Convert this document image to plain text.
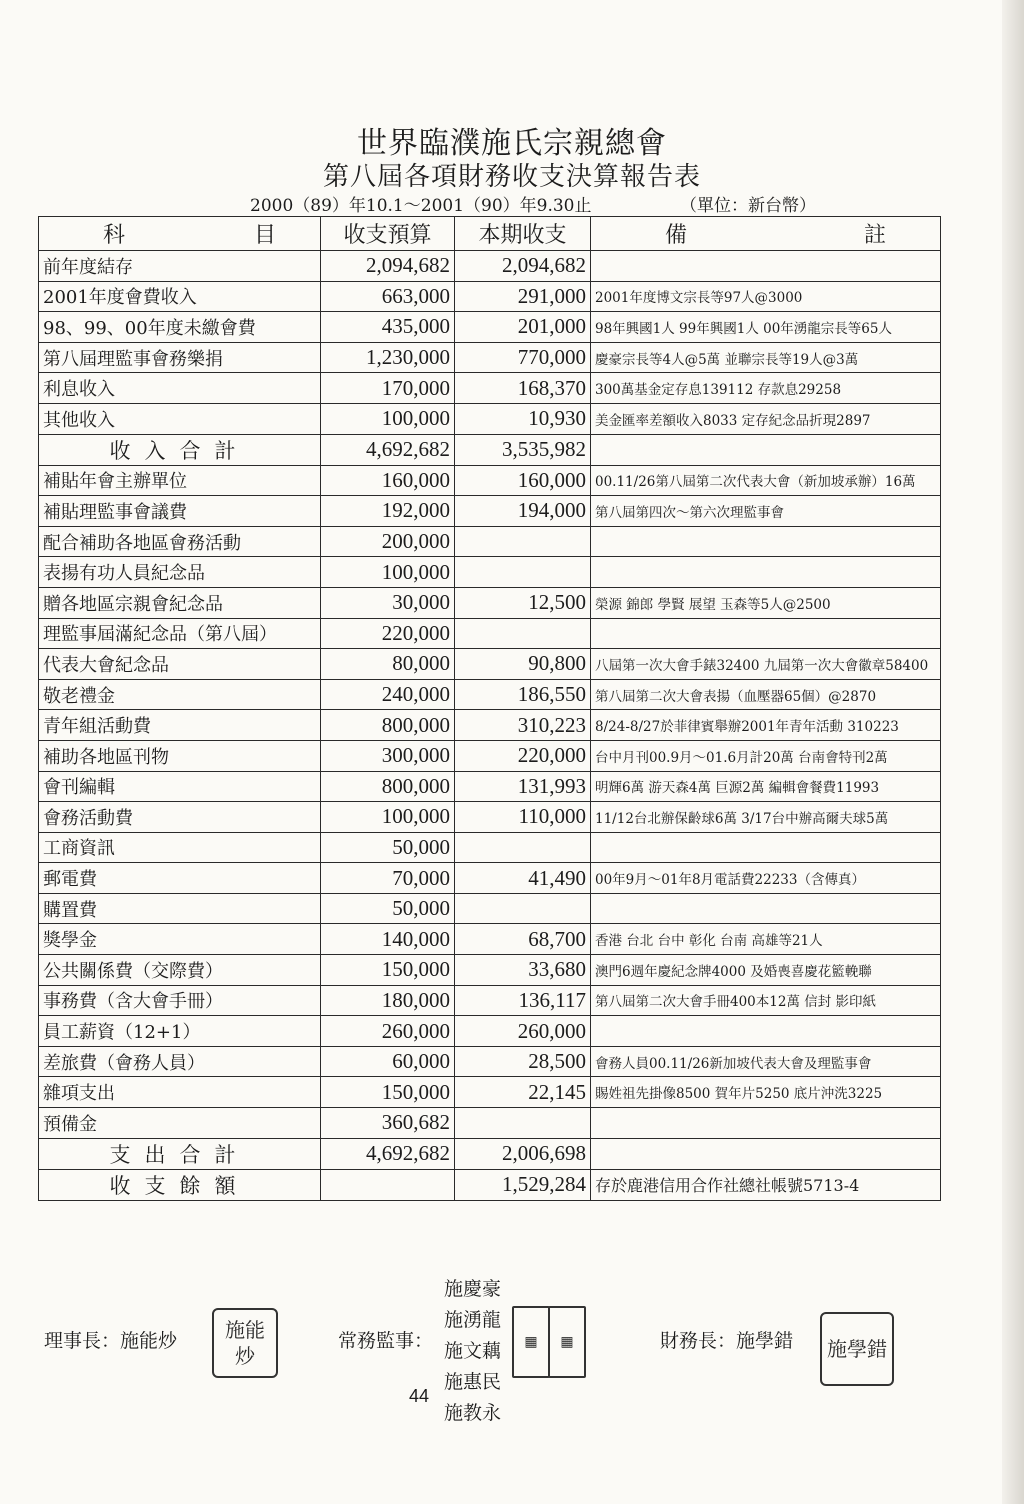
世界臨濮施氏宗親總會
第八屆各項財務收支決算報告表
2000（89）年10.1～2001（90）年9.30止	（單位：新台幣）
科 目	收支預算	本期收支	備 註

前年度結存	2,094,682	2,094,682	
2001年度會費收入	663,000	291,000	2001年度博文宗長等97人@3000
98、99、00年度未繳會費	435,000	201,000	98年興國1人 99年興國1人 00年湧龍宗長等65人
第八屆理監事會務樂捐	1,230,000	770,000	慶豪宗長等4人@5萬 並聯宗長等19人@3萬
利息收入	170,000	168,370	300萬基金定存息139112 存款息29258
其他收入	100,000	10,930	美金匯率差額收入8033 定存紀念品折現2897
收入合計	4,692,682	3,535,982	
補貼年會主辦單位	160,000	160,000	00.11/26第八屆第二次代表大會（新加坡承辦）16萬
補貼理監事會議費	192,000	194,000	第八屆第四次～第六次理監事會
配合補助各地區會務活動	200,000		
表揚有功人員紀念品	100,000		
贈各地區宗親會紀念品	30,000	12,500	榮源 錦郎 學賢 展望 玉森等5人@2500
理監事屆滿紀念品（第八屆）	220,000		
代表大會紀念品	80,000	90,800	八屆第一次大會手錶32400 九屆第一次大會徽章58400
敬老禮金	240,000	186,550	第八屆第二次大會表揚（血壓器65個）@2870
青年組活動費	800,000	310,223	8/24-8/27於菲律賓舉辦2001年青年活動 310223
補助各地區刊物	300,000	220,000	台中月刊00.9月～01.6月計20萬 台南會特刊2萬
會刊編輯	800,000	131,993	明輝6萬 游天森4萬 巨源2萬 編輯會餐費11993
會務活動費	100,000	110,000	11/12台北辦保齡球6萬 3/17台中辦高爾夫球5萬
工商資訊	50,000		
郵電費	70,000	41,490	00年9月～01年8月電話費22233（含傳真）
購置費	50,000		
獎學金	140,000	68,700	香港 台北 台中 彰化 台南 高雄等21人
公共關係費（交際費）	150,000	33,680	澳門6週年慶紀念牌4000 及婚喪喜慶花籃輓聯
事務費（含大會手冊）	180,000	136,117	第八屆第二次大會手冊400本12萬 信封 影印紙
員工薪資（12+1）	260,000	260,000	
差旅費（會務人員）	60,000	28,500	會務人員00.11/26新加坡代表大會及理監事會
雜項支出	150,000	22,145	賜姓祖先掛像8500 賀年片5250 底片沖洗3225
預備金	360,682		
支出合計	4,692,682	2,006,698	
收支餘額		1,529,284	存於鹿港信用合作社總社帳號5713-4
理事長：施能炒	施能炒
常務監事：
施慶豪
施湧龍
施文藕
施惠民
施教永
▦	▦	財務長：施學錯	施學錯
44
